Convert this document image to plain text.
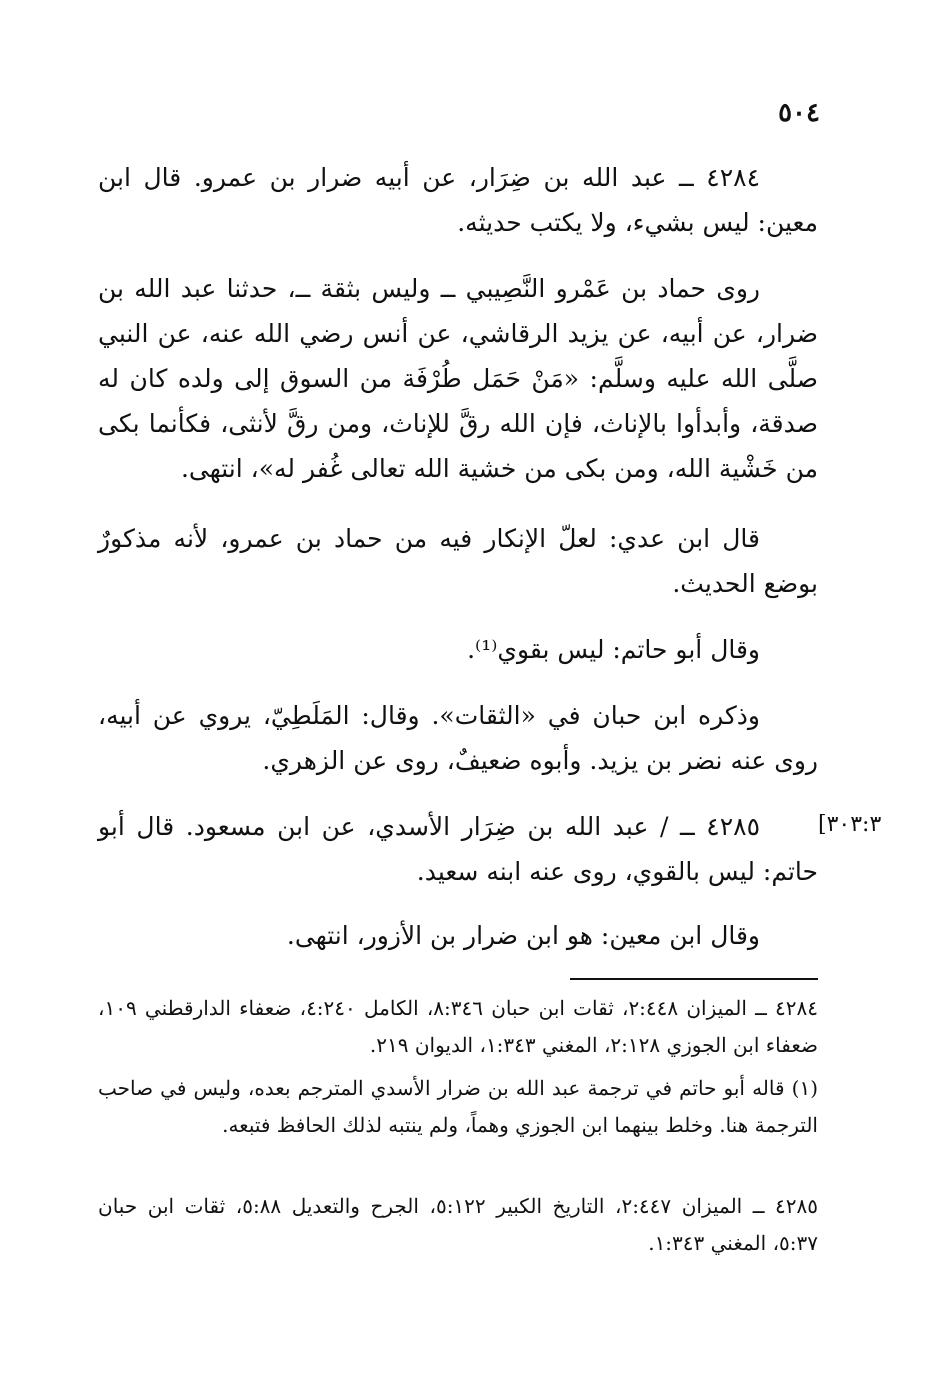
٥٠٤

٤٢٨٤ ــ عبد الله بن ضِرَار، عن أبيه ضرار بن عمرو. قال ابن معين: ليس بشيء، ولا يكتب حديثه.

روى حماد بن عَمْرو النَّصِيبي ــ وليس بثقة ــ، حدثنا عبد الله بن ضرار، عن أبيه، عن يزيد الرقاشي، عن أنس رضي الله عنه، عن النبي صلَّى الله عليه وسلَّم: «مَنْ حَمَل طُرْفَة من السوق إلى ولده كان له صدقة، وأبدأوا بالإناث، فإن الله رقَّ للإناث، ومن رقَّ لأنثى، فكأنما بكى من خَشْية الله، ومن بكى من خشية الله تعالى غُفر له»، انتهى.

قال ابن عدي: لعلّ الإنكار فيه من حماد بن عمرو، لأنه مذكورٌ بوضع الحديث.

وقال أبو حاتم: ليس بقوي⁽¹⁾.

وذكره ابن حبان في «الثقات». وقال: المَلَطِيّ، يروي عن أبيه، روى عنه نضر بن يزيد. وأبوه ضعيفٌ، روى عن الزهري.

[٣٠٣:٣

٤٢٨٥ ــ / عبد الله بن ضِرَار الأسدي، عن ابن مسعود. قال أبو حاتم: ليس بالقوي، روى عنه ابنه سعيد.

وقال ابن معين: هو ابن ضرار بن الأزور، انتهى.

٤٢٨٤ ــ الميزان ٢:٤٤٨، ثقات ابن حبان ٨:٣٤٦، الكامل ٤:٢٤٠، ضعفاء الدارقطني ١٠٩، ضعفاء ابن الجوزي ٢:١٢٨، المغني ١:٣٤٣، الديوان ٢١٩.

(١) قاله أبو حاتم في ترجمة عبد الله بن ضرار الأسدي المترجم بعده، وليس في صاحب الترجمة هنا. وخلط بينهما ابن الجوزي وهماً، ولم ينتبه لذلك الحافظ فتبعه.

٤٢٨٥ ــ الميزان ٢:٤٤٧، التاريخ الكبير ٥:١٢٢، الجرح والتعديل ٥:٨٨، ثقات ابن حبان ٥:٣٧، المغني ١:٣٤٣.
